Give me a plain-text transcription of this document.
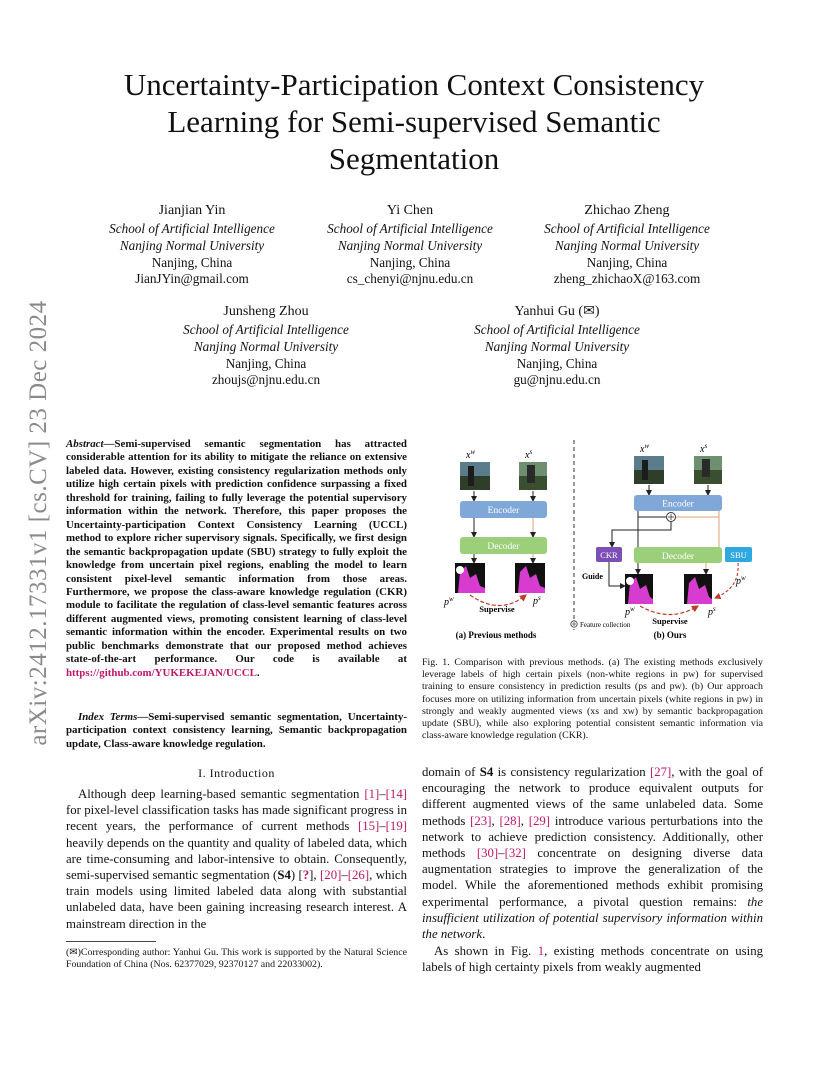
arXiv:2412.17331v1 [cs.CV] 23 Dec 2024
Uncertainty-Participation Context Consistency Learning for Semi-supervised Semantic Segmentation
Jianjian Yin
School of Artificial Intelligence
Nanjing Normal University
Nanjing, China
JianJYin@gmail.com
Yi Chen
School of Artificial Intelligence
Nanjing Normal University
Nanjing, China
cs_chenyi@njnu.edu.cn
Zhichao Zheng
School of Artificial Intelligence
Nanjing Normal University
Nanjing, China
zheng_zhichaoX@163.com
Junsheng Zhou
School of Artificial Intelligence
Nanjing Normal University
Nanjing, China
zhoujs@njnu.edu.cn
Yanhui Gu (✉)
School of Artificial Intelligence
Nanjing Normal University
Nanjing, China
gu@njnu.edu.cn
Abstract—Semi-supervised semantic segmentation has attracted considerable attention for its ability to mitigate the reliance on extensive labeled data. However, existing consistency regularization methods only utilize high certain pixels with prediction confidence surpassing a fixed threshold for training, failing to fully leverage the potential supervisory information within the network. Therefore, this paper proposes the Uncertainty-participation Context Consistency Learning (UCCL) method to explore richer supervisory signals. Specifically, we first design the semantic backpropagation update (SBU) strategy to fully exploit the knowledge from uncertain pixel regions, enabling the model to learn consistent pixel-level semantic information from those areas. Furthermore, we propose the class-aware knowledge regulation (CKR) module to facilitate the regulation of class-level semantic features across different augmented views, promoting consistent learning of class-level semantic information within the encoder. Experimental results on two public benchmarks demonstrate that our proposed method achieves state-of-the-art performance. Our code is available at https://github.com/YUKEKEJAN/UCCL.
Index Terms—Semi-supervised semantic segmentation, Uncertainty-participation context consistency learning, Semantic backpropagation update, Class-aware knowledge regulation.
I. Introduction
Although deep learning-based semantic segmentation [1]–[14] for pixel-level classification tasks has made significant progress in recent years, the performance of current methods [15]–[19] heavily depends on the quantity and quality of labeled data, which are time-consuming and labor-intensive to obtain. Consequently, semi-supervised semantic segmentation (S4) [?], [20]–[26], which train models using limited labeled data along with substantial unlabeled data, have been gaining increasing research interest. A mainstream direction in the
(✉)Corresponding author: Yanhui Gu. This work is supported by the Natural Science Foundation of China (Nos. 62377029, 92370127 and 22033002).
$x^w$	$x^s$
Encoder
Decoder
$p^w$	$p^s$
Supervise
(a) Previous methods
$x^w$	$x^s$
Encoder
CKR	Decoder	SBU
Guide	$p^w$
$p^w$	$p^s$
Supervise
Feature collection
(b) Ours
Fig. 1. Comparison with previous methods. (a) The existing methods exclusively leverage labels of high certain pixels (non-white regions in pw) for supervised training to ensure consistency in prediction results (ps and pw). (b) Our approach focuses more on utilizing information from uncertain pixels (white regions in pw) in strongly and weakly augmented views (xs and xw) by semantic backpropagation update (SBU), while also exploring potential consistent semantic information via class-aware knowledge regulation (CKR).
domain of S4 is consistency regularization [27], with the goal of encouraging the network to produce equivalent outputs for different augmented views of the same unlabeled data. Some methods [23], [28], [29] introduce various perturbations into the network to achieve prediction consistency. Additionally, other methods [30]–[32] concentrate on designing diverse data augmentation strategies to improve the generalization of the model. While the aforementioned methods exhibit promising experimental performance, a pivotal question remains: the insufficient utilization of potential supervisory information within the network.
As shown in Fig. 1, existing methods concentrate on using labels of high certainty pixels from weakly augmented
